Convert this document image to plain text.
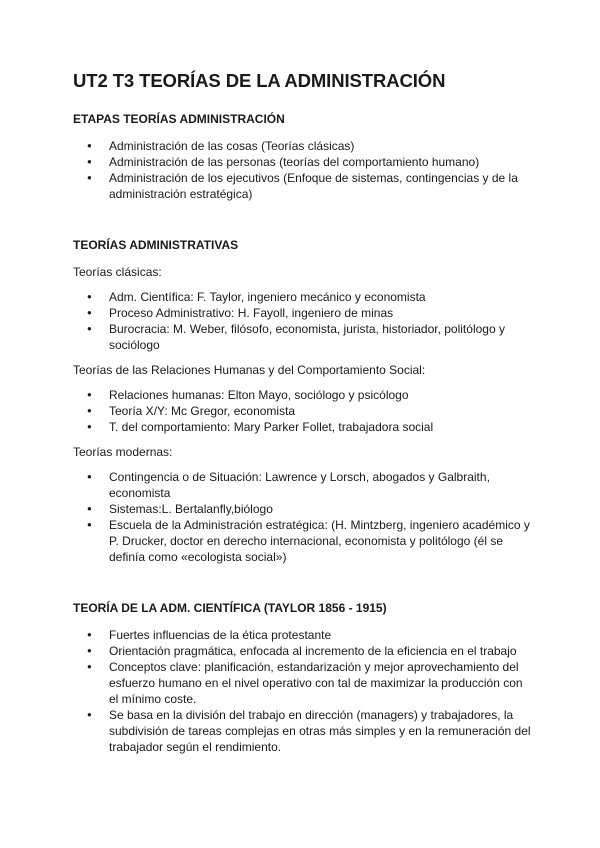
UT2 T3 TEORÍAS DE LA ADMINISTRACIÓN
ETAPAS TEORÍAS ADMINISTRACIÓN
● Administración de las cosas (Teorías clásicas)
● Administración de las personas (teorías del comportamiento humano)
● Administración de los ejecutivos (Enfoque de sistemas, contingencias y de la administración estratégica)
TEORÍAS ADMINISTRATIVAS

Teorías clásicas:

● Adm. Científica: F. Taylor, ingeniero mecánico y economista
● Proceso Administrativo: H. Fayoll, ingeniero de minas
● Burocracia: M. Weber, filósofo, economista, jurista, historiador, politólogo y sociólogo

Teorías de las Relaciones Humanas y del Comportamiento Social:

● Relaciones humanas: Elton Mayo, sociólogo y psicólogo
● Teoría X/Y: Mc Gregor, economista
● T. del comportamiento: Mary Parker Follet, trabajadora social

Teorías modernas:

● Contingencia o de Situación: Lawrence y Lorsch, abogados y Galbraith, economista
● Sistemas:L. Bertalanfly,biólogo
● Escuela de la Administración estratégica: (H. Mintzberg, ingeniero académico y P. Drucker, doctor en derecho internacional, economista y politólogo (él se definía como «ecologista social»)
TEORÍA DE LA ADM. CIENTÍFICA (TAYLOR 1856 - 1915)
● Fuertes influencias de la ética protestante
● Orientación pragmática, enfocada al incremento de la eficiencia en el trabajo
● Conceptos clave: planificación, estandarización y mejor aprovechamiento del esfuerzo humano en el nivel operativo con tal de maximizar la producción con el mínimo coste.
● Se basa en la división del trabajo en dirección (managers) y trabajadores, la subdivisión de tareas complejas en otras más simples y en la remuneración del trabajador según el rendimiento.
